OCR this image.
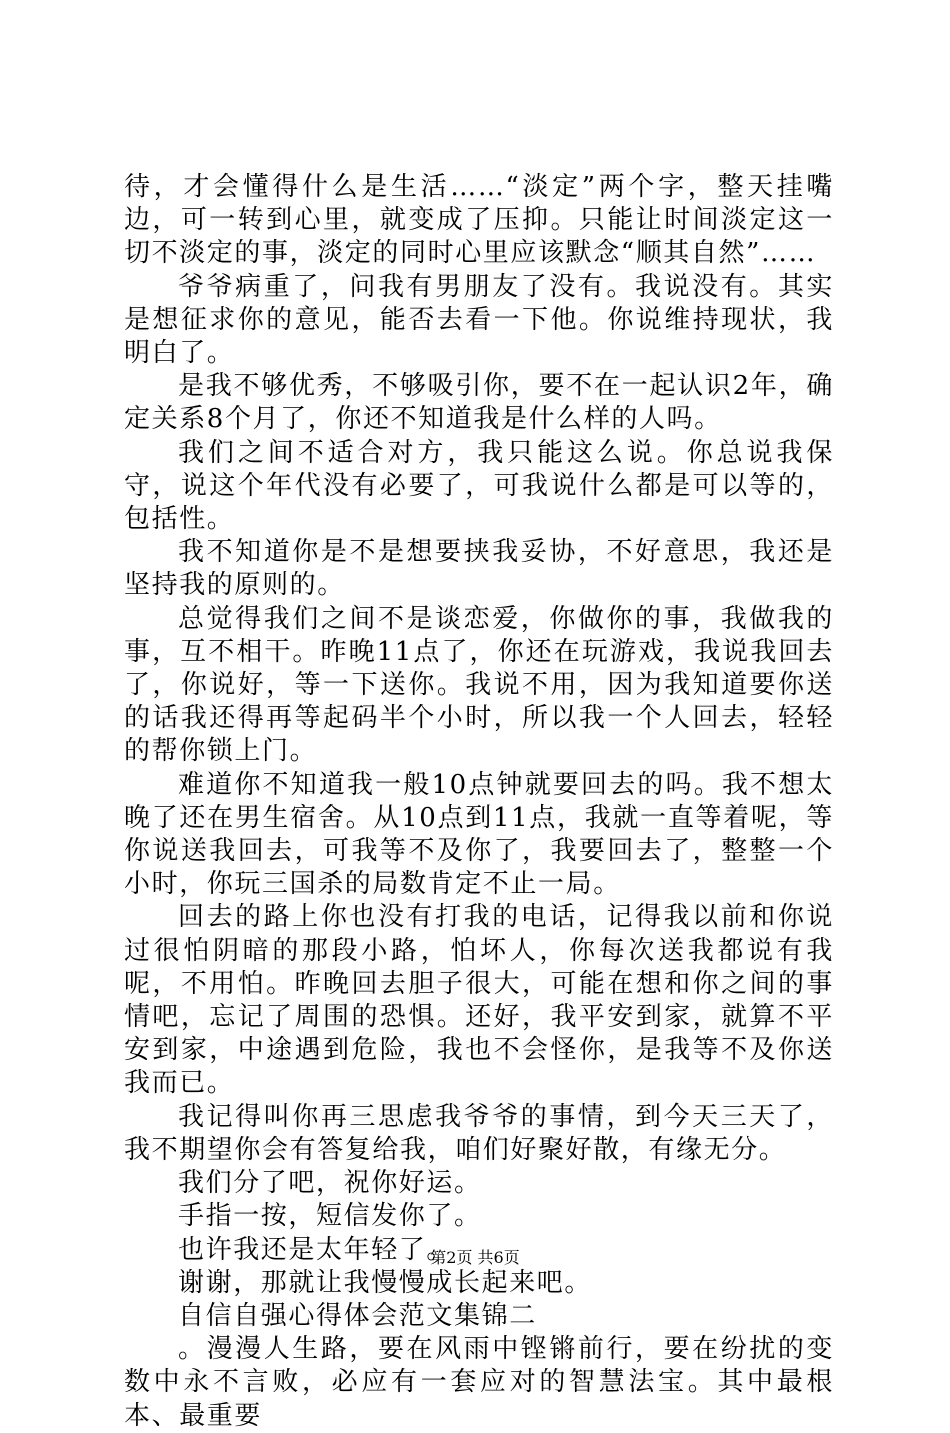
待，才会懂得什么是生活……“淡定”两个字，整天挂嘴边，可一转到心里，就变成了压抑。只能让时间淡定这一切不淡定的事，淡定的同时心里应该默念“顺其自然”……

爷爷病重了，问我有男朋友了没有。我说没有。其实是想征求你的意见，能否去看一下他。你说维持现状，我明白了。

是我不够优秀，不够吸引你，要不在一起认识2年，确定关系8个月了，你还不知道我是什么样的人吗。

我们之间不适合对方，我只能这么说。你总说我保守，说这个年代没有必要了，可我说什么都是可以等的，包括性。

我不知道你是不是想要挟我妥协，不好意思，我还是坚持我的原则的。

总觉得我们之间不是谈恋爱，你做你的事，我做我的事，互不相干。昨晚11点了，你还在玩游戏，我说我回去了，你说好，等一下送你。我说不用，因为我知道要你送的话我还得再等起码半个小时，所以我一个人回去，轻轻的帮你锁上门。

难道你不知道我一般10点钟就要回去的吗。我不想太晚了还在男生宿舍。从10点到11点，我就一直等着呢，等你说送我回去，可我等不及你了，我要回去了，整整一个小时，你玩三国杀的局数肯定不止一局。

回去的路上你也没有打我的电话，记得我以前和你说过很怕阴暗的那段小路，怕坏人，你每次送我都说有我呢，不用怕。昨晚回去胆子很大，可能在想和你之间的事情吧，忘记了周围的恐惧。还好，我平安到家，就算不平安到家，中途遇到危险，我也不会怪你，是我等不及你送我而已。

我记得叫你再三思虑我爷爷的事情，到今天三天了，我不期望你会有答复给我，咱们好聚好散，有缘无分。

我们分了吧，祝你好运。

手指一按，短信发你了。

也许我还是太年轻了。

谢谢，那就让我慢慢成长起来吧。

自信自强心得体会范文集锦二

。漫漫人生路，要在风雨中铿锵前行，要在纷扰的变数中永不言败，必应有一套应对的智慧法宝。其中最根本、最重要

第2页 共6页
